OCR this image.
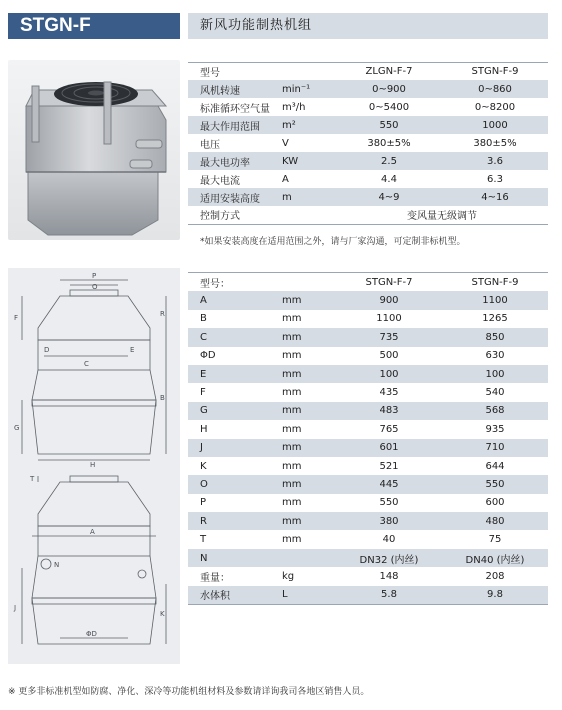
STGN-F	新风功能制热机组
型号		ZLGN-F-7	STGN-F-9
风机转速	min⁻¹	0~900	0~860
标准循环空气量	m³/h	0~5400	0~8200
最大作用范围	m²	550	1000
电压	V	380±5%	380±5%
最大电功率	KW	2.5	3.6
最大电流	A	4.4	6.3
适用安装高度	m	4~9	4~16
控制方式		变风量无级调节	
*如果安装高度在适用范围之外，请与厂家沟通，可定制非标机型。
P
O
F	R
E
C
D
B
G
H
T
A
N
J
K
ΦD
型号：		STGN-F-7	STGN-F-9
A	mm	900	1100
B	mm	1100	1265
C	mm	735	850
ΦD	mm	500	630
E	mm	100	100
F	mm	435	540
G	mm	483	568
H	mm	765	935
J	mm	601	710
K	mm	521	644
O	mm	445	550
P	mm	550	600
R	mm	380	480
T	mm	40	75
N		DN32 (内丝)	DN40 (内丝)
重量：	kg	148	208
水体积	L	5.8	9.8
※ 更多非标准机型如防腐、净化、深冷等功能机组材料及参数请详询我司各地区销售人员。
